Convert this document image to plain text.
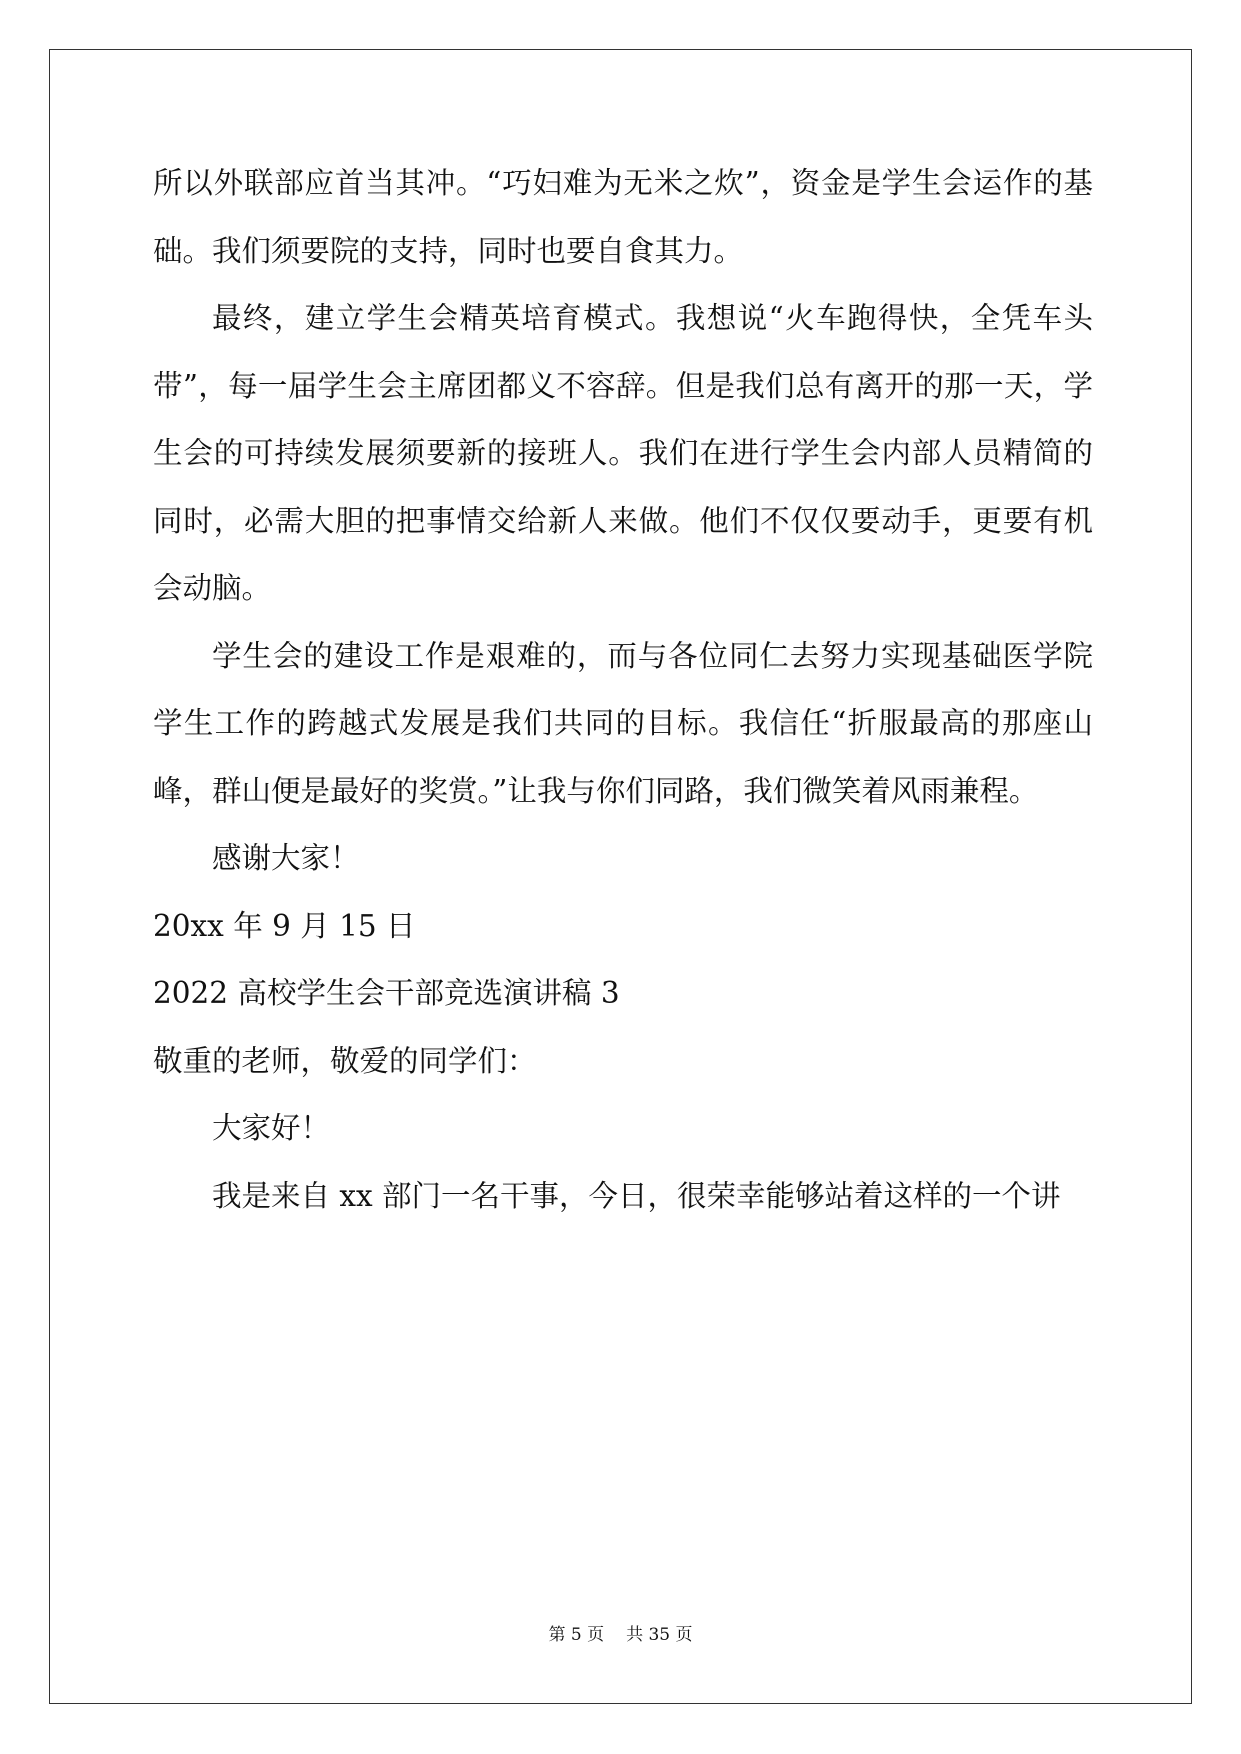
所以外联部应首当其冲。“巧妇难为无米之炊”，资金是学生会运作的基础。我们须要院的支持，同时也要自食其力。

最终，建立学生会精英培育模式。我想说“火车跑得快，全凭车头带”，每一届学生会主席团都义不容辞。但是我们总有离开的那一天，学生会的可持续发展须要新的接班人。我们在进行学生会内部人员精简的同时，必需大胆的把事情交给新人来做。他们不仅仅要动手，更要有机会动脑。

学生会的建设工作是艰难的，而与各位同仁去努力实现基础医学院学生工作的跨越式发展是我们共同的目标。我信任“折服最高的那座山峰，群山便是最好的奖赏。”让我与你们同路，我们微笑着风雨兼程。

感谢大家！

20xx 年 9 月 15 日

2022 高校学生会干部竞选演讲稿 3

敬重的老师，敬爱的同学们：

大家好！

我是来自 xx 部门一名干事，今日，很荣幸能够站着这样的一个讲

第 5 页 共 35 页
